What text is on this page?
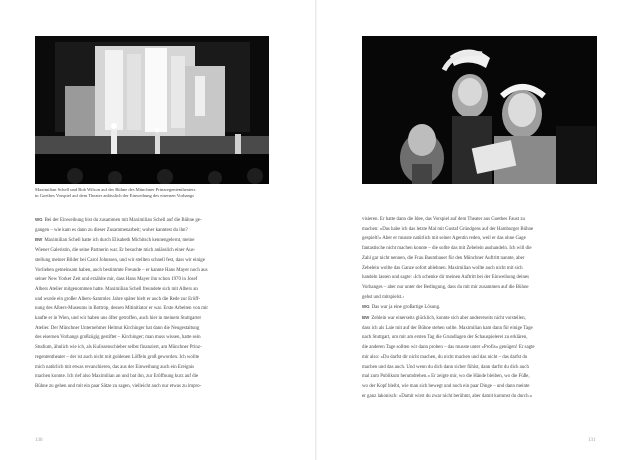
Maximilian Schell und Bob Wilson auf der Bühne des Münchner Prinzregententheaters
in Goethes Vorspiel auf dem Theater anlässlich der Einweihung des eisernen Vorhangs
WG Bei der Einweihung bist du zusammen mit Maximilian Schell auf die Bühne ge-
gangen – wie kam es dann zu dieser Zusammenarbeit; woher kanntest du ihn?
BW Maximilian Schell hatte ich durch Elisabeth Michitsch kennengelernt, meine
Wiener Galeristin, die seine Partnerin war. Er besuchte mich anlässlich einer Aus-
stellung meiner Bilder bei Carol Johnssen, und wir stellten schnell fest, dass wir einige
Vorlieben gemeinsam haben, auch bestimmte Freunde – er kannte Hans Mayer noch aus
seiner New Yorker Zeit und erzählte mir, dass Hans Mayer ihn schon 1970 in Josef
Albers Atelier mitgenommen hatte. Maximilian Schell freundete sich mit Albers an
und wurde ein großer Albers-Sammler. Jahre später hielt er auch die Rede zur Eröff-
nung des Albers-Museums in Bottrop, dessen Mitinitiator er war. Erste Arbeiten von mir
kaufte er in Wien, und wir haben uns öfter getroffen, auch hier in meinem Stuttgarter
Atelier. Der Münchner Unternehmer Helmut Kirchinger hat dann die Neugestaltung
des eisernen Vorhangs großzügig gestiftet – Kirchinger; man muss wissen, hatte sein
Studium, ähnlich wie ich, als Kulissenschieber selbst finanziert, am Münchner Prinz-
regententheater – der ist auch nicht mit goldenen Löffeln groß geworden. Ich wollte
mich natürlich mit etwas revanchieren, das aus der Einweihung auch ein Ereignis
machen konnte. Ich rief also Maximilian an und bat ihn, zur Eröffnung kurz auf die
Bühne zu gehen und mit ein paar Sätze zu sagen, vielleicht auch nur etwas zu impro-
visieren. Er hatte dann die Idee, das Vorspiel auf dem Theater aus Goethes Faust zu
machen: »Das habe ich das letzte Mal mit Gustaf Gründgens auf der Hamburger Bühne
gespielt!« Aber er musste natürlich mit seiner Agentin reden, weil er das ohne Gage
fantastische nicht machen konnte – die sollte das mit Zebelein aushandeln. Ich will die
Zahl gar nicht nennen, die Frau Baumbauer für den Münchner Auftritt nannte, aber
Zebelein wollte das Ganze sofort ablehnen. Maximilian wollte auch nicht mit sich
handeln lassen und sagte: ›Ich schenke dir meinen Auftritt bei der Einweihung deines
Vorhanges – aber nur unter der Bedingung, dass du mit mir zusammen auf die Bühne
gehst und mitspielst.‹
WG Das war ja eine großartige Lösung.
BW Zehlein war einerseits glücklich, konnte sich aber andererseits nicht vorstellen,
dass ich als Laie mit auf der Bühne stehen sollte. Maximilian kam dann für einige Tage
nach Stuttgart, um mir am ersten Tag die Grundlagen der Schauspielerei zu erklären,
die anderen Tage sollten wir dann proben – das musste unter »Profis« genügen! Er sagte
mir also: »Du darfst dir nicht machen, du nicht machen und das nicht – das darfst du
machen und das auch. Und wenn du dich dann sicher fühlst, dann darfst du dich auch
mal zum Publikum herumdrehen.« Er zeigte mir, wo die Hände bleiben, wo die Füße,
wo der Kopf bleibt, wie man sich bewegt und noch ein paar Dinge – und dann meinte
er ganz lakonisch: »Damit wirst du zwar nicht berühmt, aber damit kommst du durch.«
130	131
